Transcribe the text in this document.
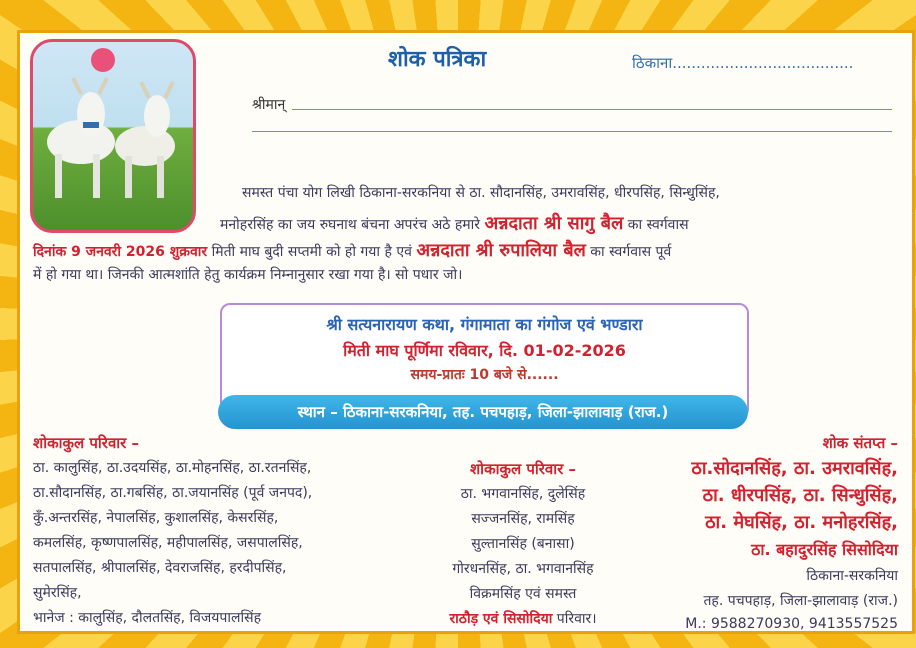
शोक पत्रिका	ठिकाना......................................
श्रीमान्
समस्त पंचा योग लिखी ठिकाना-सरकनिया से ठा. सौदानसिंह, उमरावसिंह, धीरपसिंह, सिन्धुसिंह,
मनोहरसिंह का जय रुघनाथ बंचना अपरंच अठे हमारे अन्नदाता श्री सागु बैल का स्वर्गवास
दिनांक 9 जनवरी 2026 शुक्रवार मिती माघ बुदी सप्तमी को हो गया है एवं अन्नदाता श्री रुपालिया बैल का स्वर्गवास पूर्व
में हो गया था। जिनकी आत्मशांति हेतु कार्यक्रम निम्नानुसार रखा गया है। सो पधार जो।
श्री सत्यनारायण कथा, गंगामाता का गंगोज एवं भण्डारा
मिती माघ पूर्णिमा रविवार, दि. 01-02-2026
समय-प्रातः 10 बजे से......
स्थान – ठिकाना-सरकनिया, तह. पचपहाड़, जिला-झालावाड़ (राज.)
शोकाकुल परिवार –
ठा. कालुसिंह, ठा.उदयसिंह, ठा.मोहनसिंह, ठा.रतनसिंह,
ठा.सौदानसिंह, ठा.गबसिंह, ठा.जयानसिंह (पूर्व जनपद),
कुँ.अन्तरसिंह, नेपालसिंह, कुशालसिंह, केसरसिंह,
कमलसिंह, कृष्णपालसिंह, महीपालसिंह, जसपालसिंह,
सतपालसिंह, श्रीपालसिंह, देवराजसिंह, हरदीपसिंह,
सुमेरसिंह,
भानेज : कालुसिंह, दौलतसिंह, विजयपालसिंह
शोकाकुल परिवार –
ठा. भगवानसिंह, दुलेसिंह
सज्जनसिंह, रामसिंह
सुल्तानसिंह (बनासा)
गोरधनसिंह, ठा. भगवानसिंह
विक्रमसिंह एवं समस्त
राठौड़ एवं सिसोदिया परिवार।
शोक संतप्त –
ठा.सोदानसिंह, ठा. उमरावसिंह,
ठा. धीरपसिंह, ठा. सिन्धुसिंह,
ठा. मेघसिंह, ठा. मनोहरसिंह,
ठा. बहादुरसिंह सिसोदिया
ठिकाना-सरकनिया
तह. पचपहाड़, जिला-झालावाड़ (राज.)
M.: 9588270930, 9413557525
